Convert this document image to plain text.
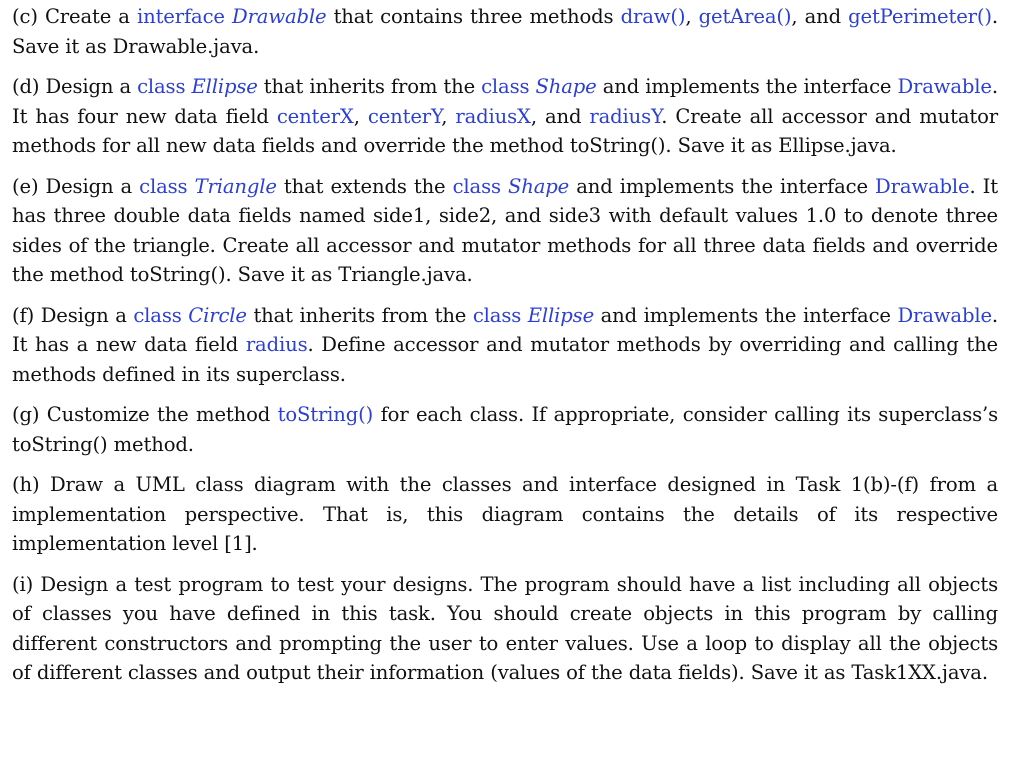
(c) Create a interface Drawable that contains three methods draw(), getArea(), and getPerimeter(). Save it as Drawable.java.

(d) Design a class Ellipse that inherits from the class Shape and implements the interface Drawable. It has four new data field centerX, centerY, radiusX, and radiusY. Create all accessor and mutator methods for all new data fields and override the method toString(). Save it as Ellipse.java.

(e) Design a class Triangle that extends the class Shape and implements the interface Drawable. It has three double data fields named side1, side2, and side3 with default values 1.0 to denote three sides of the triangle. Create all accessor and mutator methods for all three data fields and override the method toString(). Save it as Triangle.java.

(f) Design a class Circle that inherits from the class Ellipse and implements the interface Drawable. It has a new data field radius. Define accessor and mutator methods by overriding and calling the methods defined in its superclass.

(g) Customize the method toString() for each class. If appropriate, consider calling its superclass’s toString() method.

(h) Draw a UML class diagram with the classes and interface designed in Task 1(b)-(f) from a implementation perspective. That is, this diagram contains the details of its respective implementation level [1].

(i) Design a test program to test your designs. The program should have a list including all objects of classes you have defined in this task. You should create objects in this program by calling different constructors and prompting the user to enter values. Use a loop to display all the objects of different classes and output their information (values of the data fields). Save it as Task1XX.java.
